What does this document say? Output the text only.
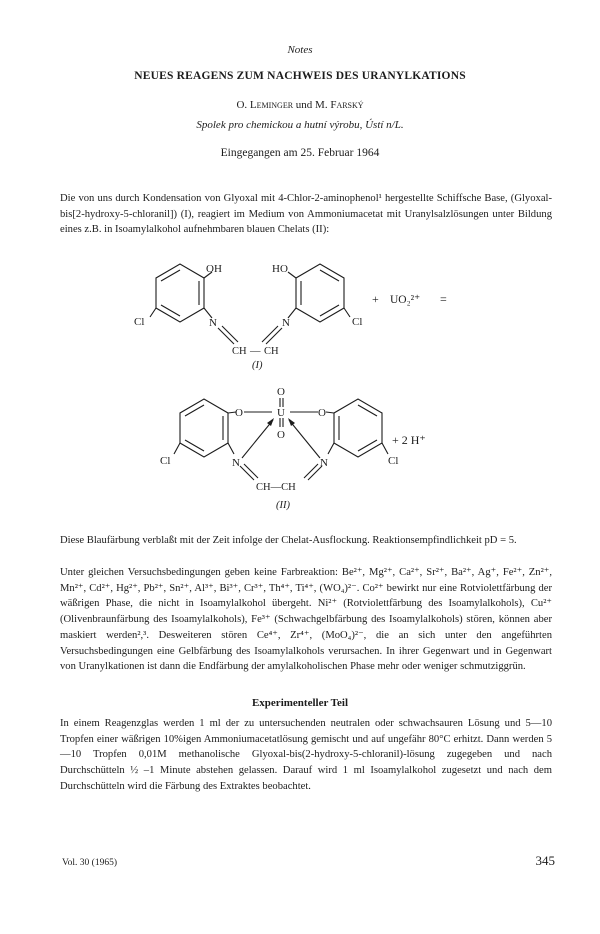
Notes
NEUES REAGENS ZUM NACHWEIS DES URANYLKATIONS
O. Leminger und M. Farský
Spolek pro chemickou a hutní výrobu, Ústí n/L.
Eingegangen am 25. Februar 1964

Die von uns durch Kondensation von Glyoxal mit 4-Chlor-2-aminophenol¹ hergestellte Schiffsche Base, (Glyoxal-bis[2-hydroxy-5-chloranil]) (I), reagiert im Medium von Ammoniumacetat mit Uranylsalzlösungen unter Bildung eines z.B. in Isoamylalkohol aufnehmbaren blauen Chelats (II):

OH	HO
Cl	Cl
N	N
CH — CH
+ UO₂²⁺ =
(I)
O
O
O	O
U
Cl	Cl
N	N
CH—CH
+ 2 H⁺
(II)

Diese Blaufärbung verblaßt mit der Zeit infolge der Chelat-Ausflockung. Reaktionsempfindlichkeit pD = 5.

Unter gleichen Versuchsbedingungen geben keine Farbreaktion: Be²⁺, Mg²⁺, Ca²⁺, Sr²⁺, Ba²⁺, Ag⁺, Fe²⁺, Zn²⁺, Mn²⁺, Cd²⁺, Hg²⁺, Pb²⁺, Sn²⁺, Al³⁺, Bi³⁺, Cr³⁺, Th⁴⁺, Ti⁴⁺, (WO₄)²⁻. Co²⁺ bewirkt nur eine Rotviolettfärbung der wäßrigen Phase, die nicht in Isoamylalkohol übergeht. Ni²⁺ (Rotviolettfärbung des Isoamylalkohols), Cu²⁺ (Olivenbraunfärbung des Isoamylalkohols), Fe³⁺ (Schwachgelbfärbung des Isoamylalkohols) stören, können aber maskiert werden²,³. Desweiteren stören Ce⁴⁺, Zr⁴⁺, (MoO₄)²⁻, die an sich unter den angeführten Versuchsbedingungen eine Gelbfärbung des Isoamylalkohols verursachen. In ihrer Gegenwart und in Gegenwart von Uranylkationen ist dann die Endfärbung der amylalkoholischen Phase mehr oder weniger schmutziggrün.

Experimenteller Teil

In einem Reagenzglas werden 1 ml der zu untersuchenden neutralen oder schwachsauren Lösung und 5—10 Tropfen einer wäßrigen 10%igen Ammoniumacetatlösung gemischt und auf ungefähr 80°C erhitzt. Dann werden 5—10 Tropfen 0,01M methanolische Glyoxal-bis(2-hydroxy-5-chloranil)-lösung zugegeben und nach Durchschütteln ½ –1 Minute abstehen gelassen. Darauf wird 1 ml Isoamylalkohol zugesetzt und nach dem Durchschütteln wird die Färbung des Extraktes beobachtet.

Vol. 30 (1965)	345
